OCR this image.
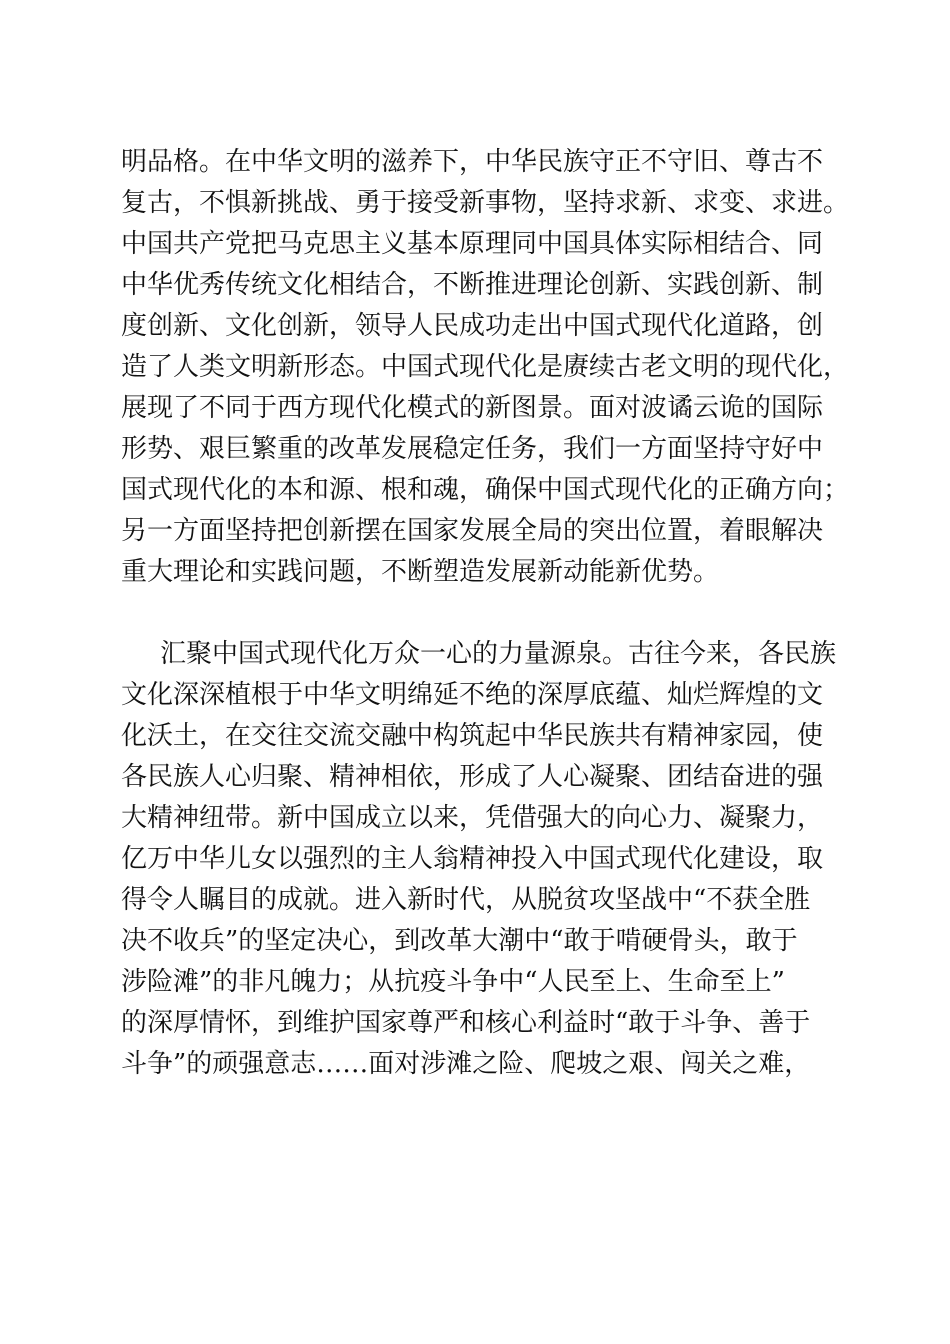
明品格。在中华文明的滋养下，中华民族守正不守旧、尊古不
复古，不惧新挑战、勇于接受新事物，坚持求新、求变、求进。
中国共产党把马克思主义基本原理同中国具体实际相结合、同
中华优秀传统文化相结合，不断推进理论创新、实践创新、制
度创新、文化创新，领导人民成功走出中国式现代化道路，创
造了人类文明新形态。中国式现代化是赓续古老文明的现代化，
展现了不同于西方现代化模式的新图景。面对波谲云诡的国际
形势、艰巨繁重的改革发展稳定任务，我们一方面坚持守好中
国式现代化的本和源、根和魂，确保中国式现代化的正确方向；
另一方面坚持把创新摆在国家发展全局的突出位置，着眼解决
重大理论和实践问题，不断塑造发展新动能新优势。
汇聚中国式现代化万众一心的力量源泉。古往今来，各民族
文化深深植根于中华文明绵延不绝的深厚底蕴、灿烂辉煌的文
化沃土，在交往交流交融中构筑起中华民族共有精神家园，使
各民族人心归聚、精神相依，形成了人心凝聚、团结奋进的强
大精神纽带。新中国成立以来，凭借强大的向心力、凝聚力，
亿万中华儿女以强烈的主人翁精神投入中国式现代化建设，取
得令人瞩目的成就。进入新时代，从脱贫攻坚战中“不获全胜
决不收兵”的坚定决心，到改革大潮中“敢于啃硬骨头，敢于
涉险滩”的非凡魄力；从抗疫斗争中“人民至上、生命至上”
的深厚情怀，到维护国家尊严和核心利益时“敢于斗争、善于
斗争”的顽强意志……面对涉滩之险、爬坡之艰、闯关之难，
